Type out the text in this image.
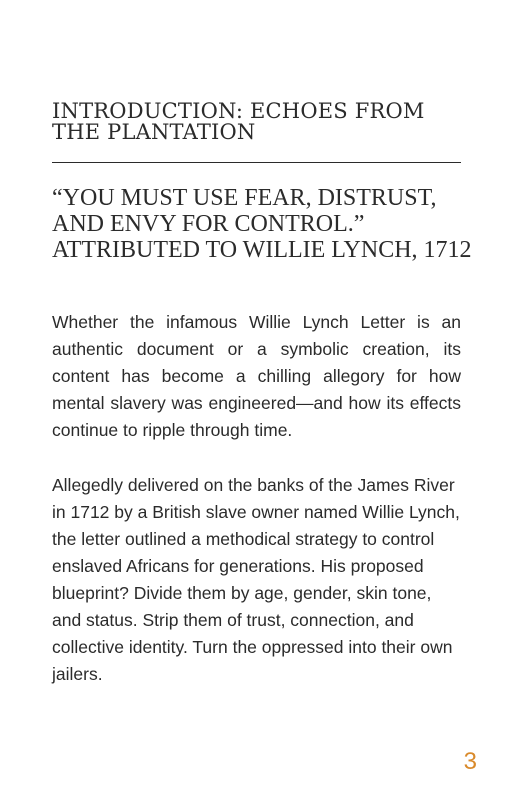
INTRODUCTION: ECHOES FROM
THE PLANTATION
“YOU MUST USE FEAR, DISTRUST,
AND ENVY FOR CONTROL.”
ATTRIBUTED TO WILLIE LYNCH, 1712

Whether the infamous Willie Lynch Letter is an authentic document or a symbolic creation, its content has become a chilling allegory for how mental slavery was engineered—and how its effects continue to ripple through time.

Allegedly delivered on the banks of the James River in 1712 by a British slave owner named Willie Lynch, the letter outlined a methodical strategy to control enslaved Africans for generations. His proposed blueprint? Divide them by age, gender, skin tone, and status. Strip them of trust, connection, and collective identity. Turn the oppressed into their own jailers.

3
